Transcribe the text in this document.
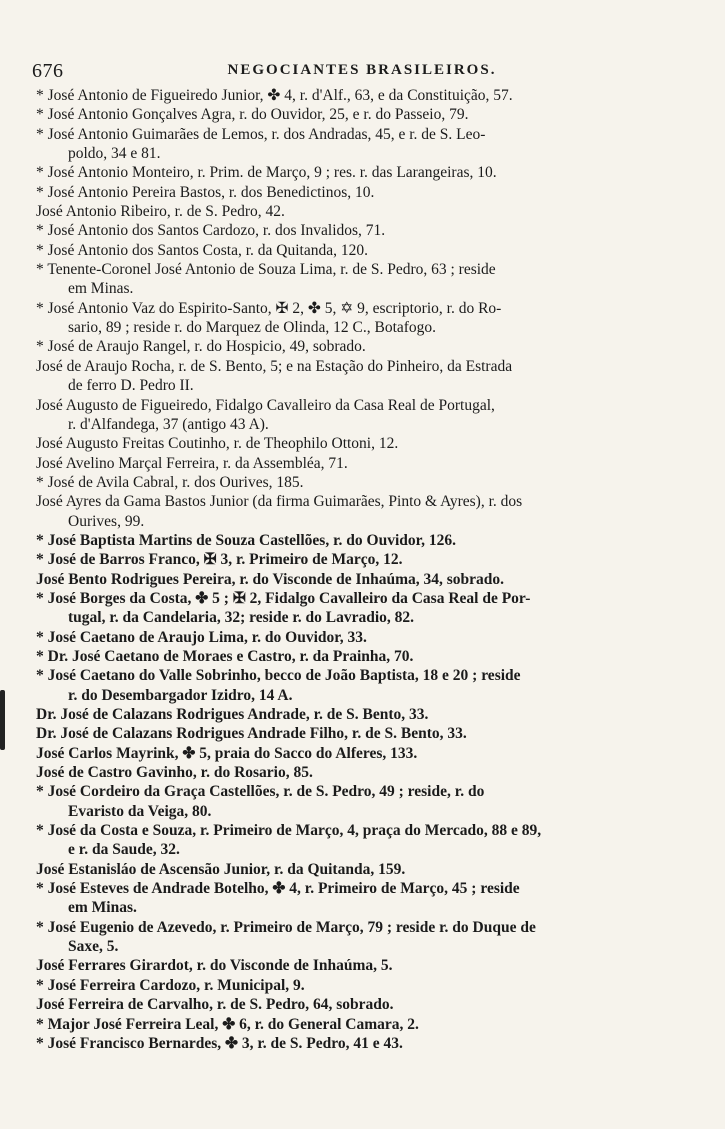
676	NEGOCIANTES BRASILEIROS.
* José Antonio de Figueiredo Junior, ✤ 4, r. d'Alf., 63, e da Constituição, 57.
* José Antonio Gonçalves Agra, r. do Ouvidor, 25, e r. do Passeio, 79.
* José Antonio Guimarães de Lemos, r. dos Andradas, 45, e r. de S. Leo-
poldo, 34 e 81.
* José Antonio Monteiro, r. Prim. de Março, 9 ; res. r. das Larangeiras, 10.
* José Antonio Pereira Bastos, r. dos Benedictinos, 10.
José Antonio Ribeiro, r. de S. Pedro, 42.
* José Antonio dos Santos Cardozo, r. dos Invalidos, 71.
* José Antonio dos Santos Costa, r. da Quitanda, 120.
* Tenente-Coronel José Antonio de Souza Lima, r. de S. Pedro, 63 ; reside
em Minas.
* José Antonio Vaz do Espirito-Santo, ✠ 2, ✤ 5, ✡ 9, escriptorio, r. do Ro-
sario, 89 ; reside r. do Marquez de Olinda, 12 C., Botafogo.
* José de Araujo Rangel, r. do Hospicio, 49, sobrado.
José de Araujo Rocha, r. de S. Bento, 5; e na Estação do Pinheiro, da Estrada
de ferro D. Pedro II.
José Augusto de Figueiredo, Fidalgo Cavalleiro da Casa Real de Portugal,
r. d'Alfandega, 37 (antigo 43 A).
José Augusto Freitas Coutinho, r. de Theophilo Ottoni, 12.
José Avelino Marçal Ferreira, r. da Assembléa, 71.
* José de Avila Cabral, r. dos Ourives, 185.
José Ayres da Gama Bastos Junior (da firma Guimarães, Pinto & Ayres), r. dos
Ourives, 99.
* José Baptista Martins de Souza Castellões, r. do Ouvidor, 126.
* José de Barros Franco, ✠ 3, r. Primeiro de Março, 12.
José Bento Rodrigues Pereira, r. do Visconde de Inhaúma, 34, sobrado.
* José Borges da Costa, ✤ 5 ; ✠ 2, Fidalgo Cavalleiro da Casa Real de Por-
tugal, r. da Candelaria, 32; reside r. do Lavradio, 82.
* José Caetano de Araujo Lima, r. do Ouvidor, 33.
* Dr. José Caetano de Moraes e Castro, r. da Prainha, 70.
* José Caetano do Valle Sobrinho, becco de João Baptista, 18 e 20 ; reside
r. do Desembargador Izidro, 14 A.
Dr. José de Calazans Rodrigues Andrade, r. de S. Bento, 33.
Dr. José de Calazans Rodrigues Andrade Filho, r. de S. Bento, 33.
José Carlos Mayrink, ✤ 5, praia do Sacco do Alferes, 133.
José de Castro Gavinho, r. do Rosario, 85.
* José Cordeiro da Graça Castellões, r. de S. Pedro, 49 ; reside, r. do
Evaristo da Veiga, 80.
* José da Costa e Souza, r. Primeiro de Março, 4, praça do Mercado, 88 e 89,
e r. da Saude, 32.
José Estanisláo de Ascensão Junior, r. da Quitanda, 159.
* José Esteves de Andrade Botelho, ✤ 4, r. Primeiro de Março, 45 ; reside
em Minas.
* José Eugenio de Azevedo, r. Primeiro de Março, 79 ; reside r. do Duque de
Saxe, 5.
José Ferrares Girardot, r. do Visconde de Inhaúma, 5.
* José Ferreira Cardozo, r. Municipal, 9.
José Ferreira de Carvalho, r. de S. Pedro, 64, sobrado.
* Major José Ferreira Leal, ✤ 6, r. do General Camara, 2.
* José Francisco Bernardes, ✤ 3, r. de S. Pedro, 41 e 43.
